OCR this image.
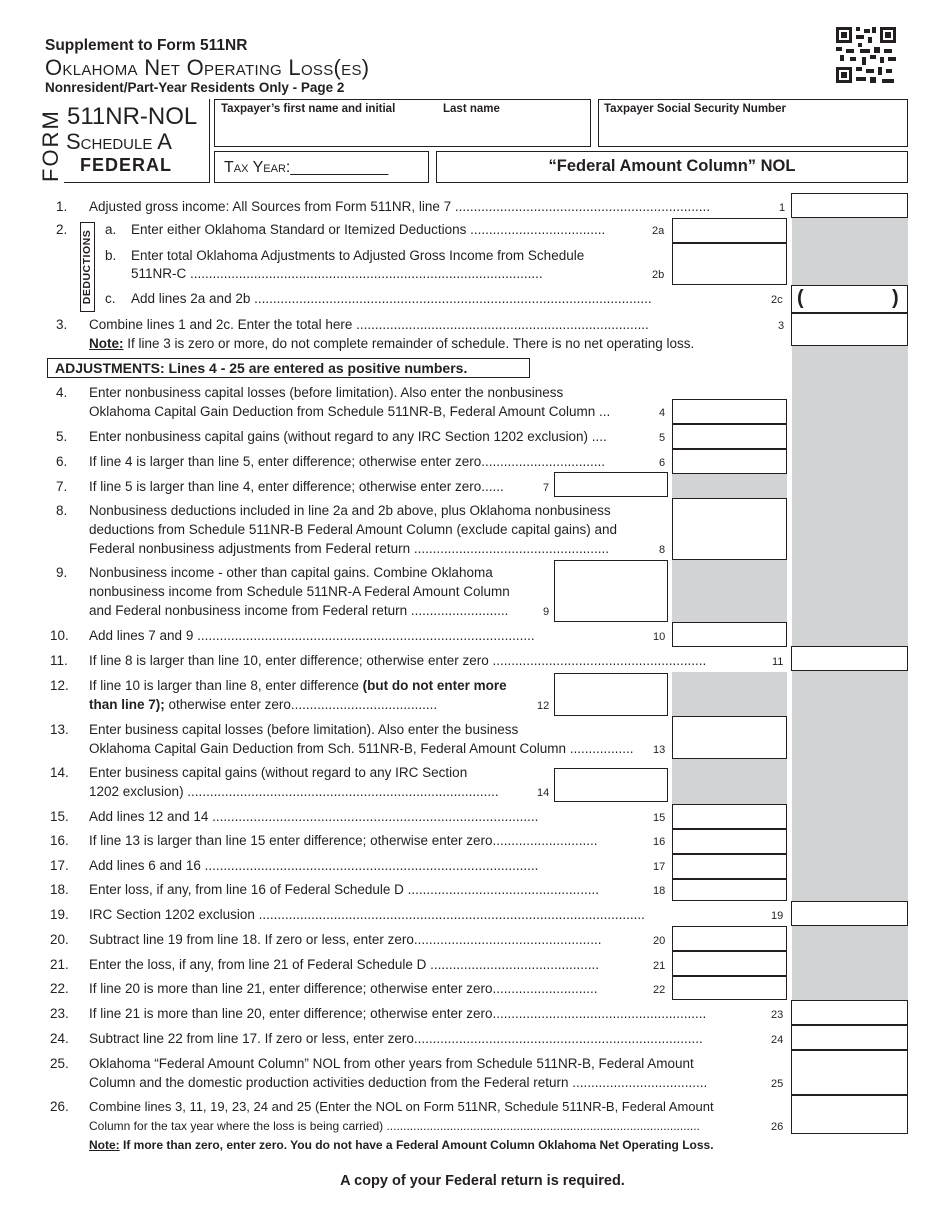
Supplement to Form 511NR
Oklahoma Net Operating Loss(es)
Nonresident/Part-Year Residents Only - Page 2
FORM 511NR-NOL
Schedule A
FEDERAL
Taxpayer’s first name and initial	Last name	Taxpayer Social Security Number
Tax Year:___________	“Federal Amount Column” NOL
(	)
1. Adjusted gross income: All Sources from Form 511NR, line 7 ....................................................................	1
2.
DEDUCTIONS
a. Enter either Oklahoma Standard or Itemized Deductions ....................................	2a
b. Enter total Oklahoma Adjustments to Adjusted Gross Income from Schedule
511NR-C ..............................................................................................	2b
c. Add lines 2a and 2b ..........................................................................................................	2c
3. Combine lines 1 and 2c. Enter the total here ..............................................................................	3
Note: If line 3 is zero or more, do not complete remainder of schedule. There is no net operating loss.
ADJUSTMENTS: Lines 4 - 25 are entered as positive numbers.
4. Enter nonbusiness capital losses (before limitation). Also enter the nonbusiness
Oklahoma Capital Gain Deduction from Schedule 511NR-B, Federal Amount Column ...	4
5. Enter nonbusiness capital gains (without regard to any IRC Section 1202 exclusion) ....	5
6. If line 4 is larger than line 5, enter difference; otherwise enter zero.................................	6
7. If line 5 is larger than line 4, enter difference; otherwise enter zero......	7
8. Nonbusiness deductions included in line 2a and 2b above, plus Oklahoma nonbusiness
deductions from Schedule 511NR-B Federal Amount Column (exclude capital gains) and
Federal nonbusiness adjustments from Federal return ....................................................	8
9. Nonbusiness income - other than capital gains. Combine Oklahoma
nonbusiness income from Schedule 511NR-A Federal Amount Column
and Federal nonbusiness income from Federal return ..........................	9
10. Add lines 7 and 9 ..........................................................................................	10
11. If line 8 is larger than line 10, enter difference; otherwise enter zero .........................................................	11
12. If line 10 is larger than line 8, enter difference (but do not enter more
than line 7); otherwise enter zero.......................................	12
13. Enter business capital losses (before limitation). Also enter the business
Oklahoma Capital Gain Deduction from Sch. 511NR-B, Federal Amount Column .................	13
14. Enter business capital gains (without regard to any IRC Section
1202 exclusion) ...................................................................................	14
15. Add lines 12 and 14 .......................................................................................	15
16. If line 13 is larger than line 15 enter difference; otherwise enter zero............................	16
17. Add lines 6 and 16 .........................................................................................	17
18. Enter loss, if any, from line 16 of Federal Schedule D ...................................................	18
19. IRC Section 1202 exclusion .......................................................................................................	19
20. Subtract line 19 from line 18. If zero or less, enter zero..................................................	20
21. Enter the loss, if any, from line 21 of Federal Schedule D .............................................	21
22. If line 20 is more than line 21, enter difference; otherwise enter zero............................	22
23. If line 21 is more than line 20, enter difference; otherwise enter zero.........................................................	23
24. Subtract line 22 from line 17. If zero or less, enter zero.............................................................................	24
25. Oklahoma “Federal Amount Column” NOL from other years from Schedule 511NR-B, Federal Amount
Column and the domestic production activities deduction from the Federal return ....................................	25
26. Combine lines 3, 11, 19, 23, 24 and 25 (Enter the NOL on Form 511NR, Schedule 511NR-B, Federal Amount
Column for the tax year where the loss is being carried) ..............................................................................................	26
Note: If more than zero, enter zero. You do not have a Federal Amount Column Oklahoma Net Operating Loss.
A copy of your Federal return is required.
